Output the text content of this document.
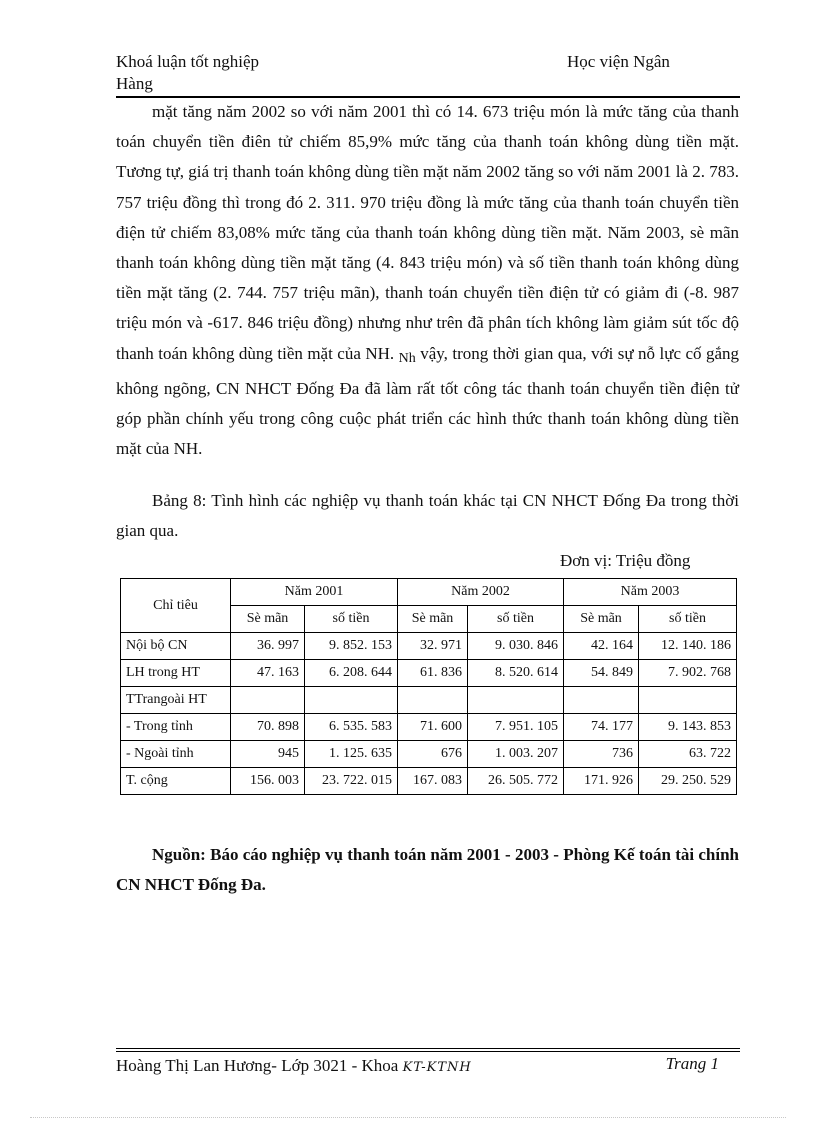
Khoá luận tốt nghiệp
Hàng
Học viện Ngân

mặt tăng năm 2002 so với năm 2001 thì có 14. 673 triệu món là mức tăng của thanh toán chuyển tiền điên tử chiếm 85,9% mức tăng của thanh toán không dùng tiền mặt. Tương tự, giá trị thanh toán không dùng tiền mặt năm 2002 tăng so với năm 2001 là 2. 783. 757 triệu đồng thì trong đó 2. 311. 970 triệu đồng là mức tăng của thanh toán chuyển tiền điện tử chiếm 83,08% mức tăng của thanh toán không dùng tiền mặt. Năm 2003, sè mãn thanh toán không dùng tiền mặt tăng (4. 843 triệu món) và số tiền thanh toán không dùng tiền mặt tăng (2. 744. 757 triệu mãn), thanh toán chuyển tiền điện tử có giảm đi (-8. 987 triệu món và -617. 846 triệu đồng) nhưng như trên đã phân tích không làm giảm sút tốc độ thanh toán không dùng tiền mặt của NH. Nh vậy, trong thời gian qua, với sự nỗ lực cố gắng không ngõng, CN NHCT Đống Đa đã làm rất tốt công tác thanh toán chuyển tiền điện tử góp phần chính yếu trong công cuộc phát triển các hình thức thanh toán không dùng tiền mặt của NH.

Bảng 8: Tình hình các nghiệp vụ thanh toán khác tại CN NHCT Đống Đa trong thời gian qua.

Đơn vị: Triệu đồng
Chỉ tiêu	Năm 2001		Năm 2002		Năm 2003	
	Sè mãn	số tiền	Sè mãn	số tiền	Sè mãn	số tiền
Nội bộ CN	36. 997	9. 852. 153	32. 971	9. 030. 846	42. 164	12. 140. 186
LH trong HT	47. 163	6. 208. 644	61. 836	8. 520. 614	54. 849	7. 902. 768
TTrangoài HT						
- Trong tỉnh	70. 898	6. 535. 583	71. 600	7. 951. 105	74. 177	9. 143. 853
- Ngoài tỉnh	945	1. 125. 635	676	1. 003. 207	736	63. 722
T. cộng	156. 003	23. 722. 015	167. 083	26. 505. 772	171. 926	29. 250. 529

Nguồn: Báo cáo nghiệp vụ thanh toán năm 2001 - 2003 - Phòng Kế toán tài chính CN NHCT Đống Đa.

Hoàng Thị Lan Hương- Lớp 3021 - Khoa KT-KTNH	Trang 1
